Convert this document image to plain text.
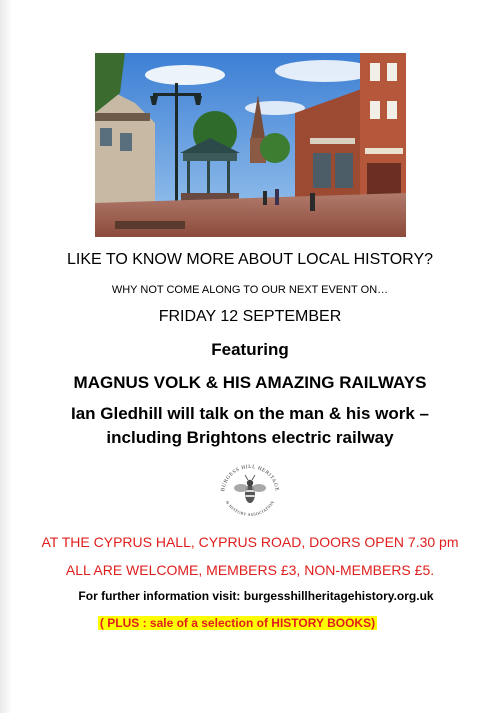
LIKE TO KNOW MORE ABOUT LOCAL HISTORY?
WHY NOT COME ALONG TO OUR NEXT EVENT ON…
FRIDAY 12 SEPTEMBER
Featuring
MAGNUS VOLK & HIS AMAZING RAILWAYS
Ian Gledhill will talk on the man & his work –
including Brightons electric railway
BURGESS HILL HERITAGE
& HISTORY ASSOCIATION
AT THE CYPRUS HALL, CYPRUS ROAD, DOORS OPEN 7.30 pm
ALL ARE WELCOME, MEMBERS £3, NON-MEMBERS £5.
For further information visit: burgesshillheritagehistory.org.uk
( PLUS : sale of a selection of HISTORY BOOKS)
